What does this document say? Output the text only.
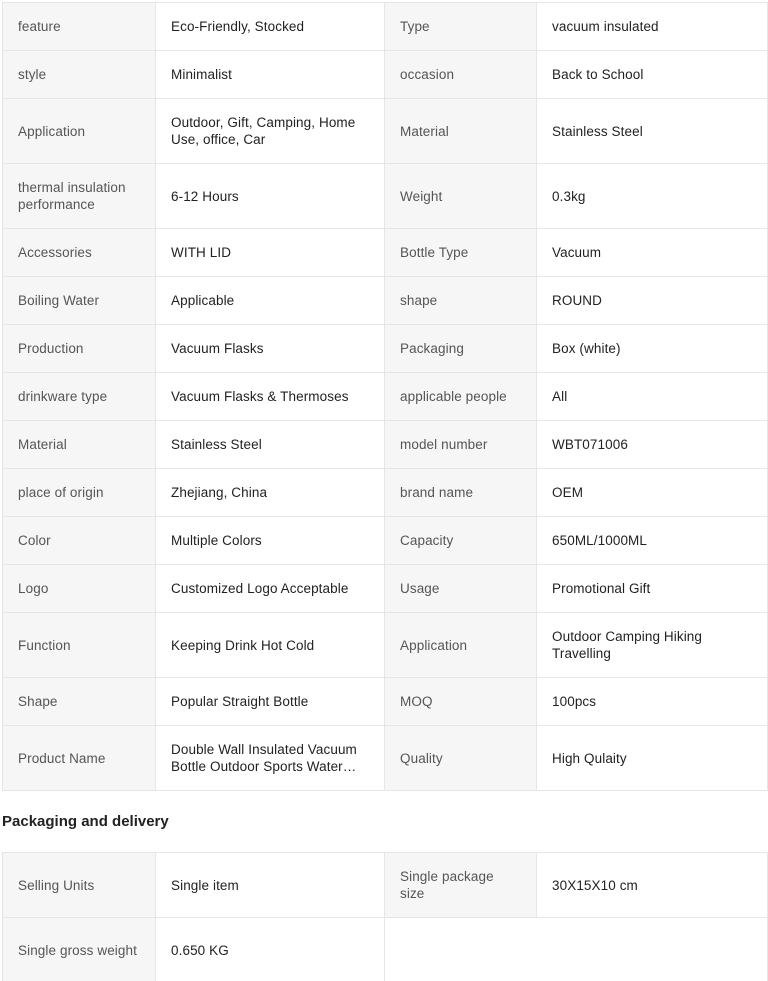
feature	Eco-Friendly, Stocked	Type	vacuum insulated
style	Minimalist	occasion	Back to School
Application	Outdoor, Gift, Camping, Home Use, office, Car	Material	Stainless Steel
thermal insulation performance	6-12 Hours	Weight	0.3kg
Accessories	WITH LID	Bottle Type	Vacuum
Boiling Water	Applicable	shape	ROUND
Production	Vacuum Flasks	Packaging	Box (white)
drinkware type	Vacuum Flasks & Thermoses	applicable people	All
Material	Stainless Steel	model number	WBT071006
place of origin	Zhejiang, China	brand name	OEM
Color	Multiple Colors	Capacity	650ML/1000ML
Logo	Customized Logo Acceptable	Usage	Promotional Gift
Function	Keeping Drink Hot Cold	Application	Outdoor Camping Hiking Travelling
Shape	Popular Straight Bottle	MOQ	100pcs
Product Name	Double Wall Insulated Vacuum Bottle Outdoor Sports Water…	Quality	High Qulaity
Packaging and delivery
Selling Units	Single item	Single package size	30X15X10 cm
Single gross weight	0.650 KG		
